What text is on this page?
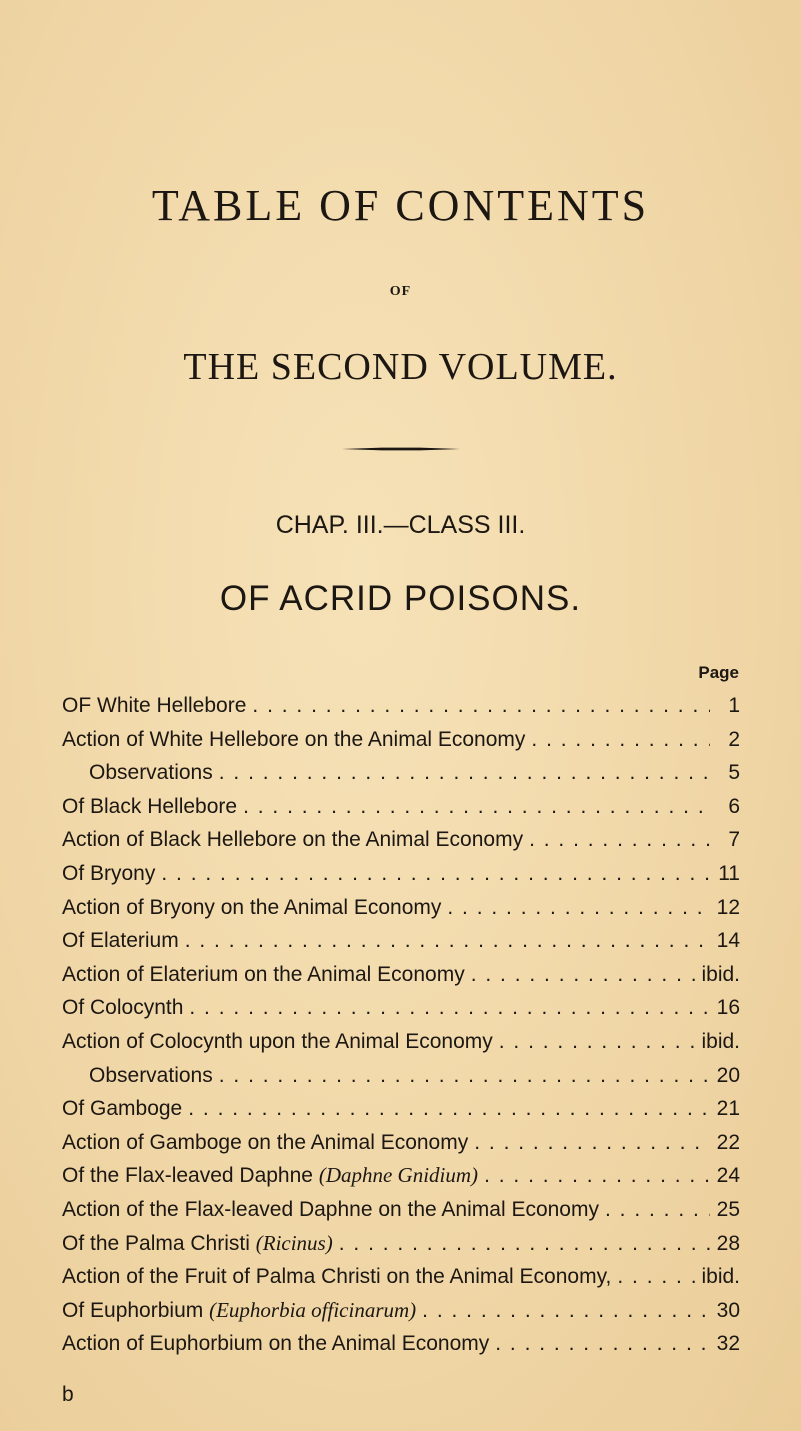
TABLE OF CONTENTS
OF
THE SECOND VOLUME.
CHAP. III.—CLASS III.
OF ACRID POISONS.
Page
OF White Hellebore . . .	1
Action of White Hellebore on the Animal Economy . . .	2
Observations . . .	5
Of Black Hellebore . . .	6
Action of Black Hellebore on the Animal Economy . . .	7
Of Bryony . . .	11
Action of Bryony on the Animal Economy . . .	12
Of Elaterium . . .	14
Action of Elaterium on the Animal Economy . . .	ibid.
Of Colocynth . . .	16
Action of Colocynth upon the Animal Economy . . .	ibid.
Observations . . .	20
Of Gamboge . . .	21
Action of Gamboge on the Animal Economy . . .	22
Of the Flax-leaved Daphne (Daphne Gnidium) . . .	24
Action of the Flax-leaved Daphne on the Animal Economy . . .	25
Of the Palma Christi (Ricinus) . . .	28
Action of the Fruit of Palma Christi on the Animal Economy, . . .	ibid.
Of Euphorbium (Euphorbia officinarum) . . .	30
Action of Euphorbium on the Animal Economy . . .	32
b
